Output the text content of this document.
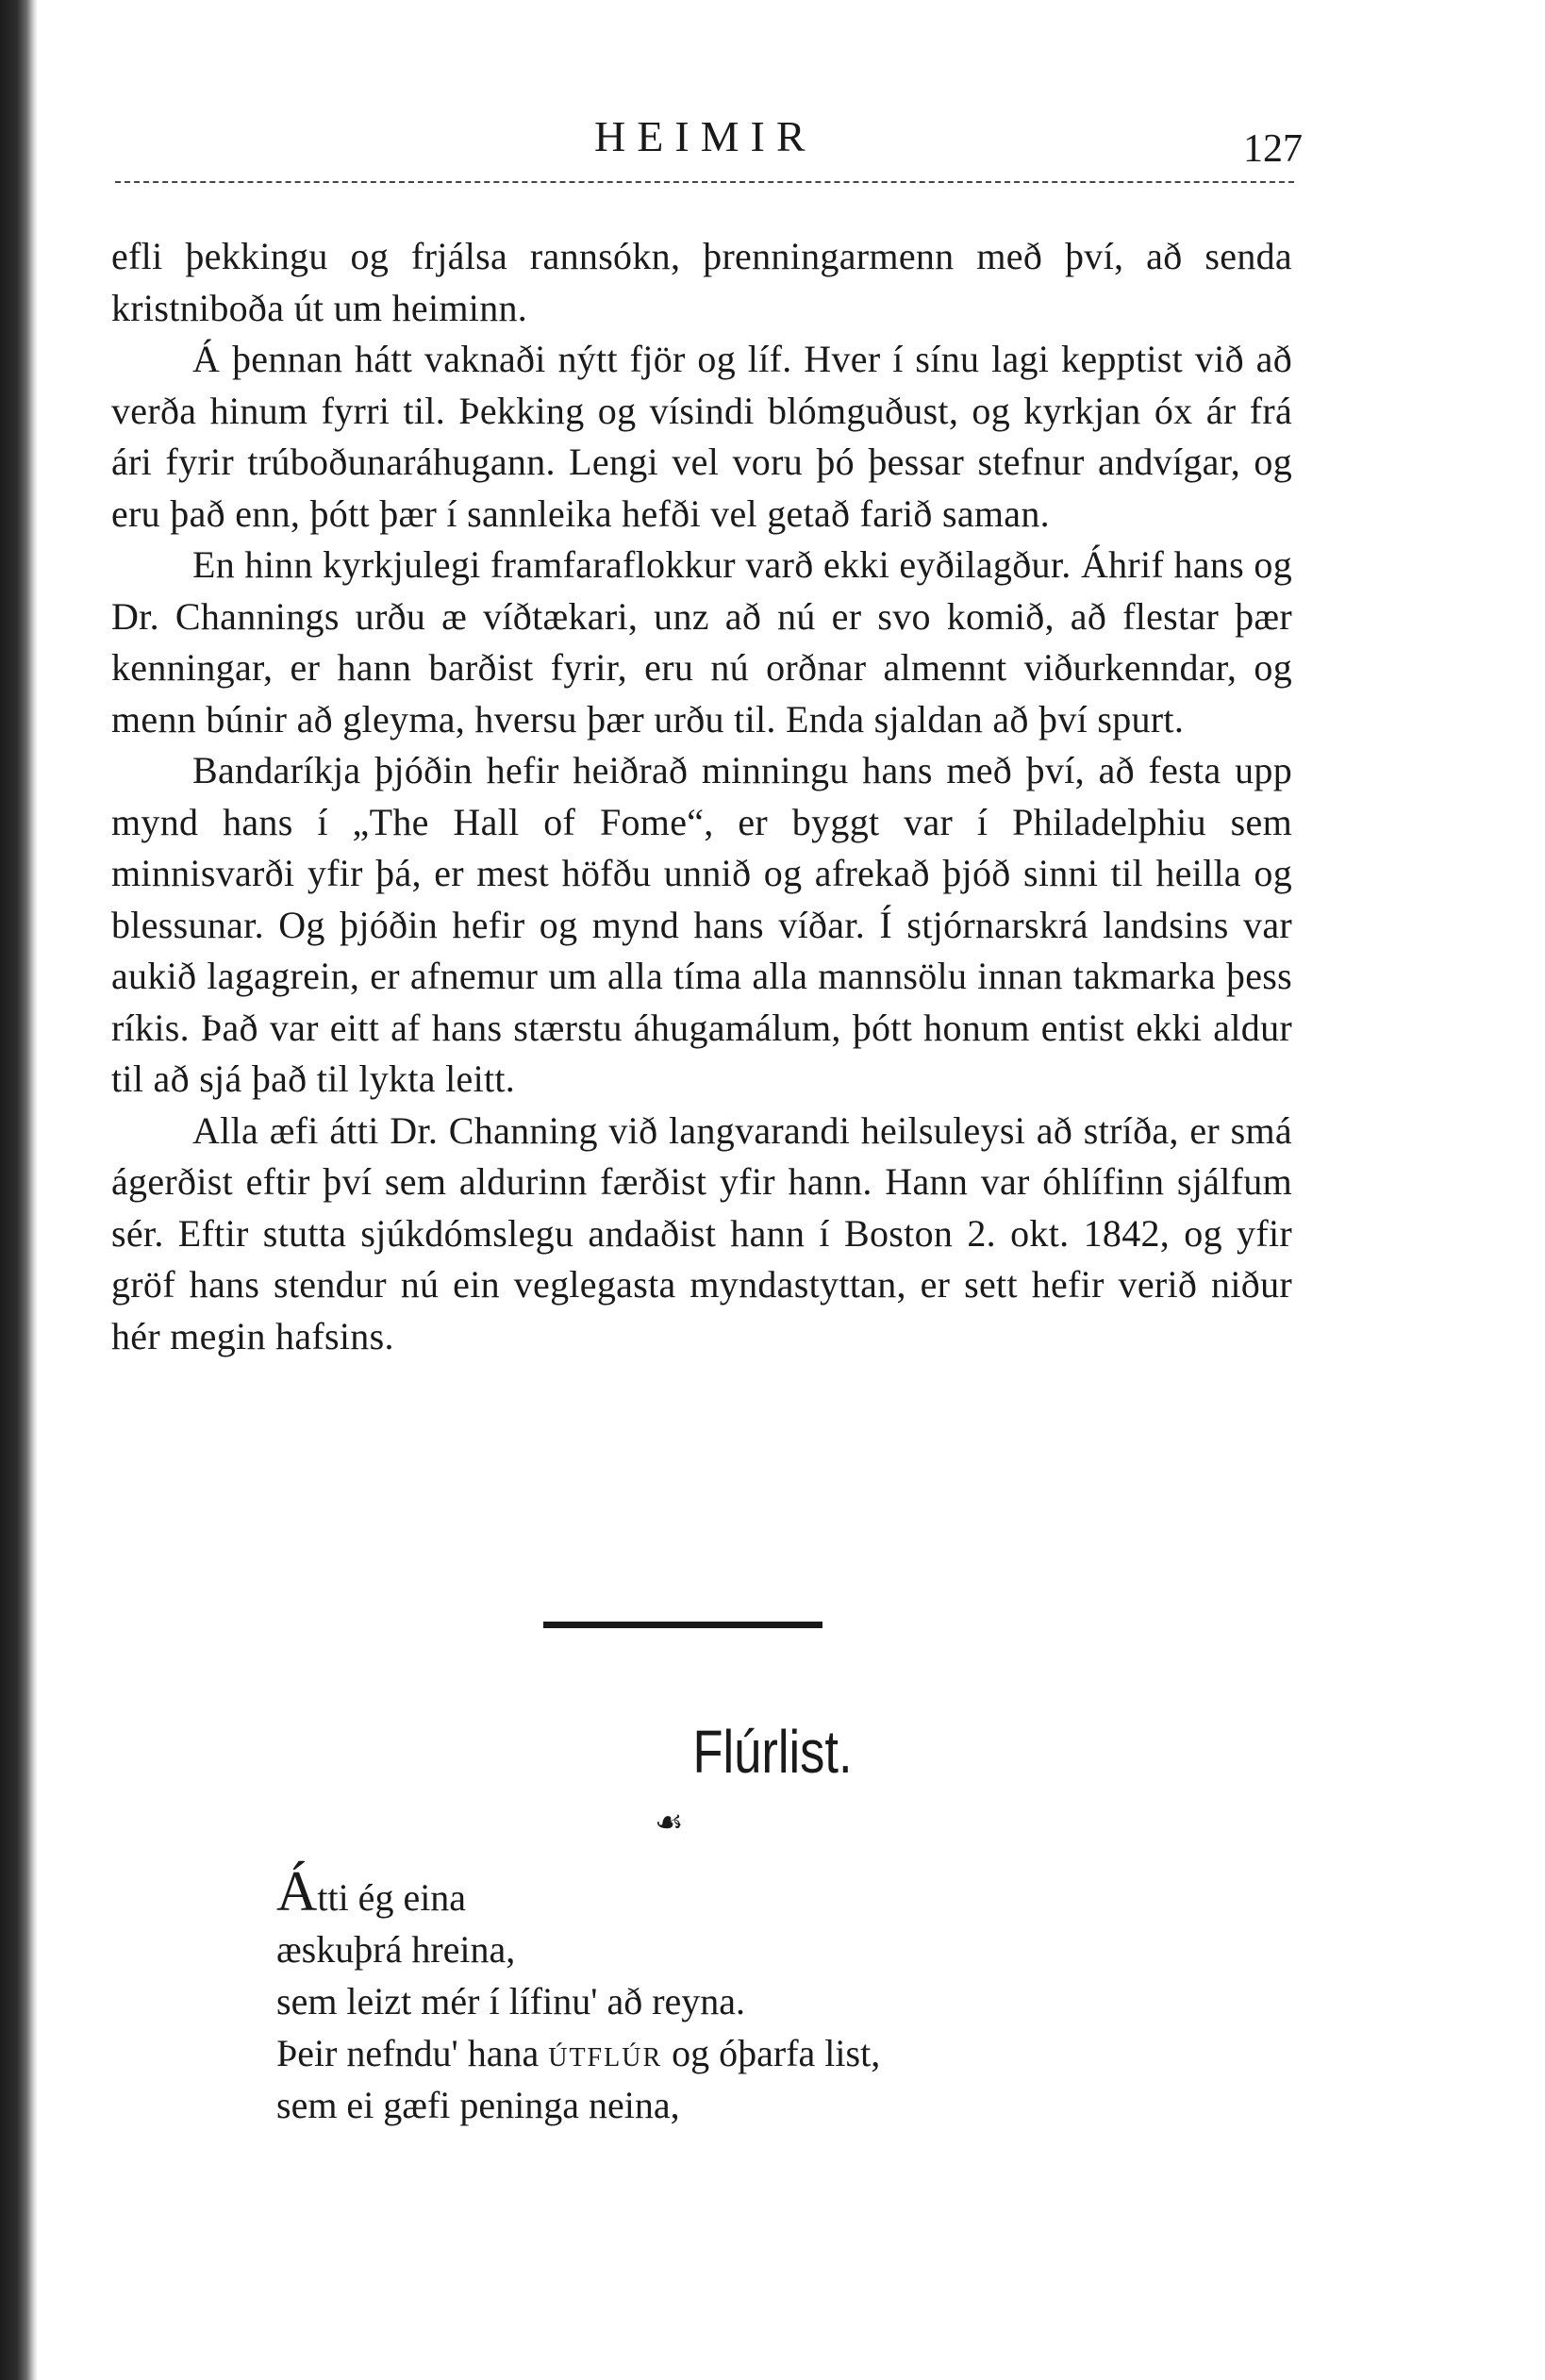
HEIMIR	127

efli þekkingu og frjálsa rannsókn, þrenningarmenn með því, að senda kristniboða út um heiminn.

Á þennan hátt vaknaði nýtt fjör og líf. Hver í sínu lagi kepptist við að verða hinum fyrri til. Þekking og vísindi blómguðust, og kyrkjan óx ár frá ári fyrir trúboðunaráhugann. Lengi vel voru þó þessar stefnur andvígar, og eru það enn, þótt þær í sannleika hefði vel getað farið saman.

En hinn kyrkjulegi framfaraflokkur varð ekki eyðilagður. Áhrif hans og Dr. Channings urðu æ víðtækari, unz að nú er svo komið, að flestar þær kenningar, er hann barðist fyrir, eru nú orðnar almennt viðurkenndar, og menn búnir að gleyma, hversu þær urðu til. Enda sjaldan að því spurt.

Bandaríkja þjóðin hefir heiðrað minningu hans með því, að festa upp mynd hans í „The Hall of Fome“, er byggt var í Philadelphiu sem minnisvarði yfir þá, er mest höfðu unnið og afrekað þjóð sinni til heilla og blessunar. Og þjóðin hefir og mynd hans víðar. Í stjórnarskrá landsins var aukið lagagrein, er afnemur um alla tíma alla mannsölu innan takmarka þess ríkis. Það var eitt af hans stærstu áhugamálum, þótt honum entist ekki aldur til að sjá það til lykta leitt.

Alla æfi átti Dr. Channing við langvarandi heilsuleysi að stríða, er smá ágerðist eftir því sem aldurinn færðist yfir hann. Hann var óhlífinn sjálfum sér. Eftir stutta sjúkdómslegu andaðist hann í Boston 2. okt. 1842, og yfir gröf hans stendur nú ein veglegasta myndastyttan, er sett hefir verið niður hér megin hafsins.

Flúrlist.
☙
Átti ég eina
æskuþrá hreina,
sem leizt mér í lífinu' að reyna.
Þeir nefndu' hana útflúr og óþarfa list,
sem ei gæfi peninga neina,
